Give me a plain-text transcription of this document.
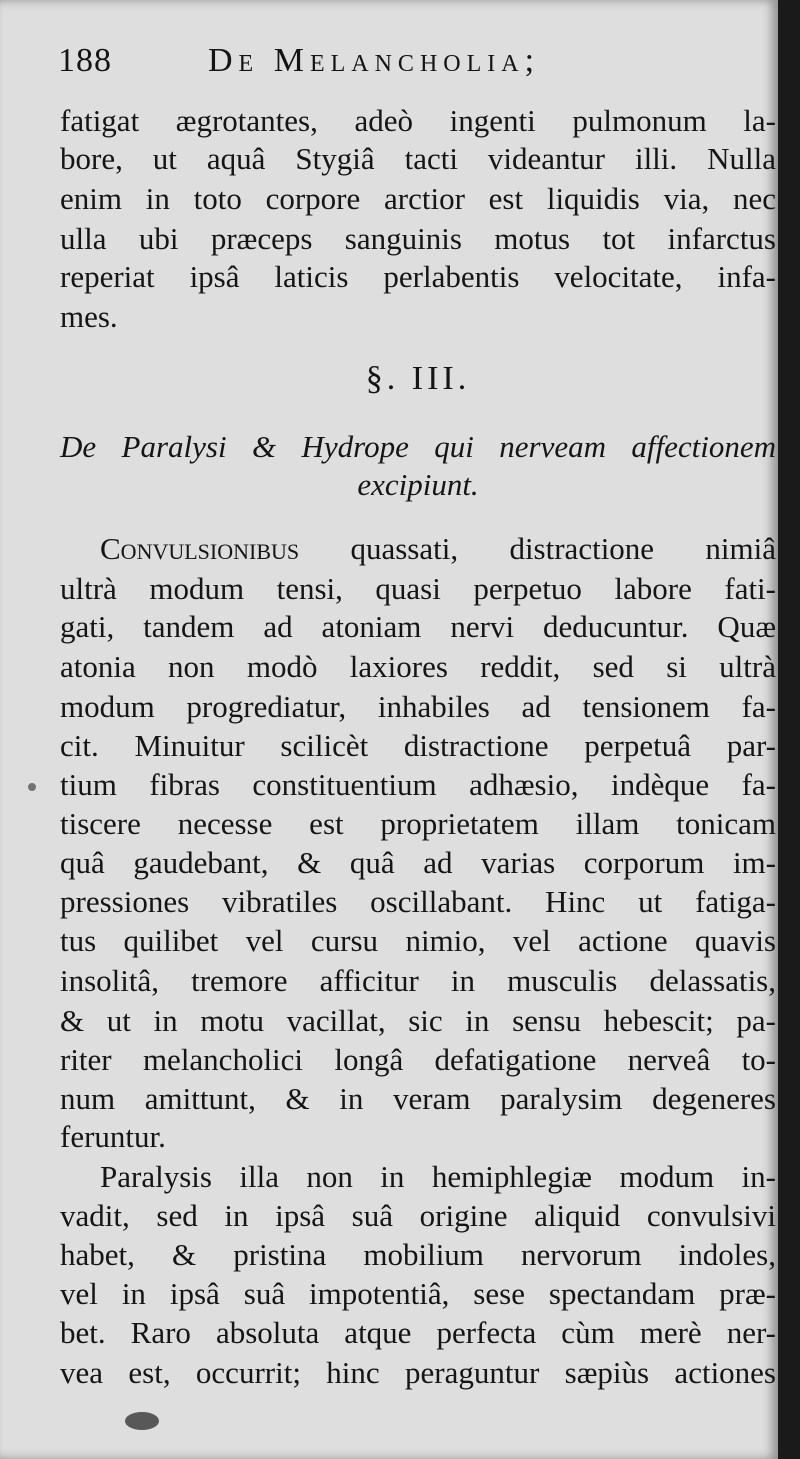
188	De Melancholia;
fatigat ægrotantes, adeò ingenti pulmonum la-
bore, ut aquâ Stygiâ tacti videantur illi. Nulla
enim in toto corpore arctior est liquidis via, nec
ulla ubi præceps sanguinis motus tot infarctus
reperiat ipsâ laticis perlabentis velocitate, infa-
mes.
§. III.
De Paralysi & Hydrope qui nerveam affectionem
excipiunt.
Convulsionibus quassati, distractione nimiâ
ultrà modum tensi, quasi perpetuo labore fati-
gati, tandem ad atoniam nervi deducuntur. Quæ
atonia non modò laxiores reddit, sed si ultrà
modum progrediatur, inhabiles ad tensionem fa-
cit. Minuitur scilicèt distractione perpetuâ par-
tium fibras constituentium adhæsio, indèque fa-
tiscere necesse est proprietatem illam tonicam
quâ gaudebant, & quâ ad varias corporum im-
pressiones vibratiles oscillabant. Hinc ut fatiga-
tus quilibet vel cursu nimio, vel actione quavis
insolitâ, tremore afficitur in musculis delassatis,
& ut in motu vacillat, sic in sensu hebescit; pa-
riter melancholici longâ defatigatione nerveâ to-
num amittunt, & in veram paralysim degeneres
feruntur.
Paralysis illa non in hemiphlegiæ modum in-
vadit, sed in ipsâ suâ origine aliquid convulsivi
habet, & pristina mobilium nervorum indoles,
vel in ipsâ suâ impotentiâ, sese spectandam præ-
bet. Raro absoluta atque perfecta cùm merè ner-
vea est, occurrit; hinc peraguntur sæpiùs actiones
